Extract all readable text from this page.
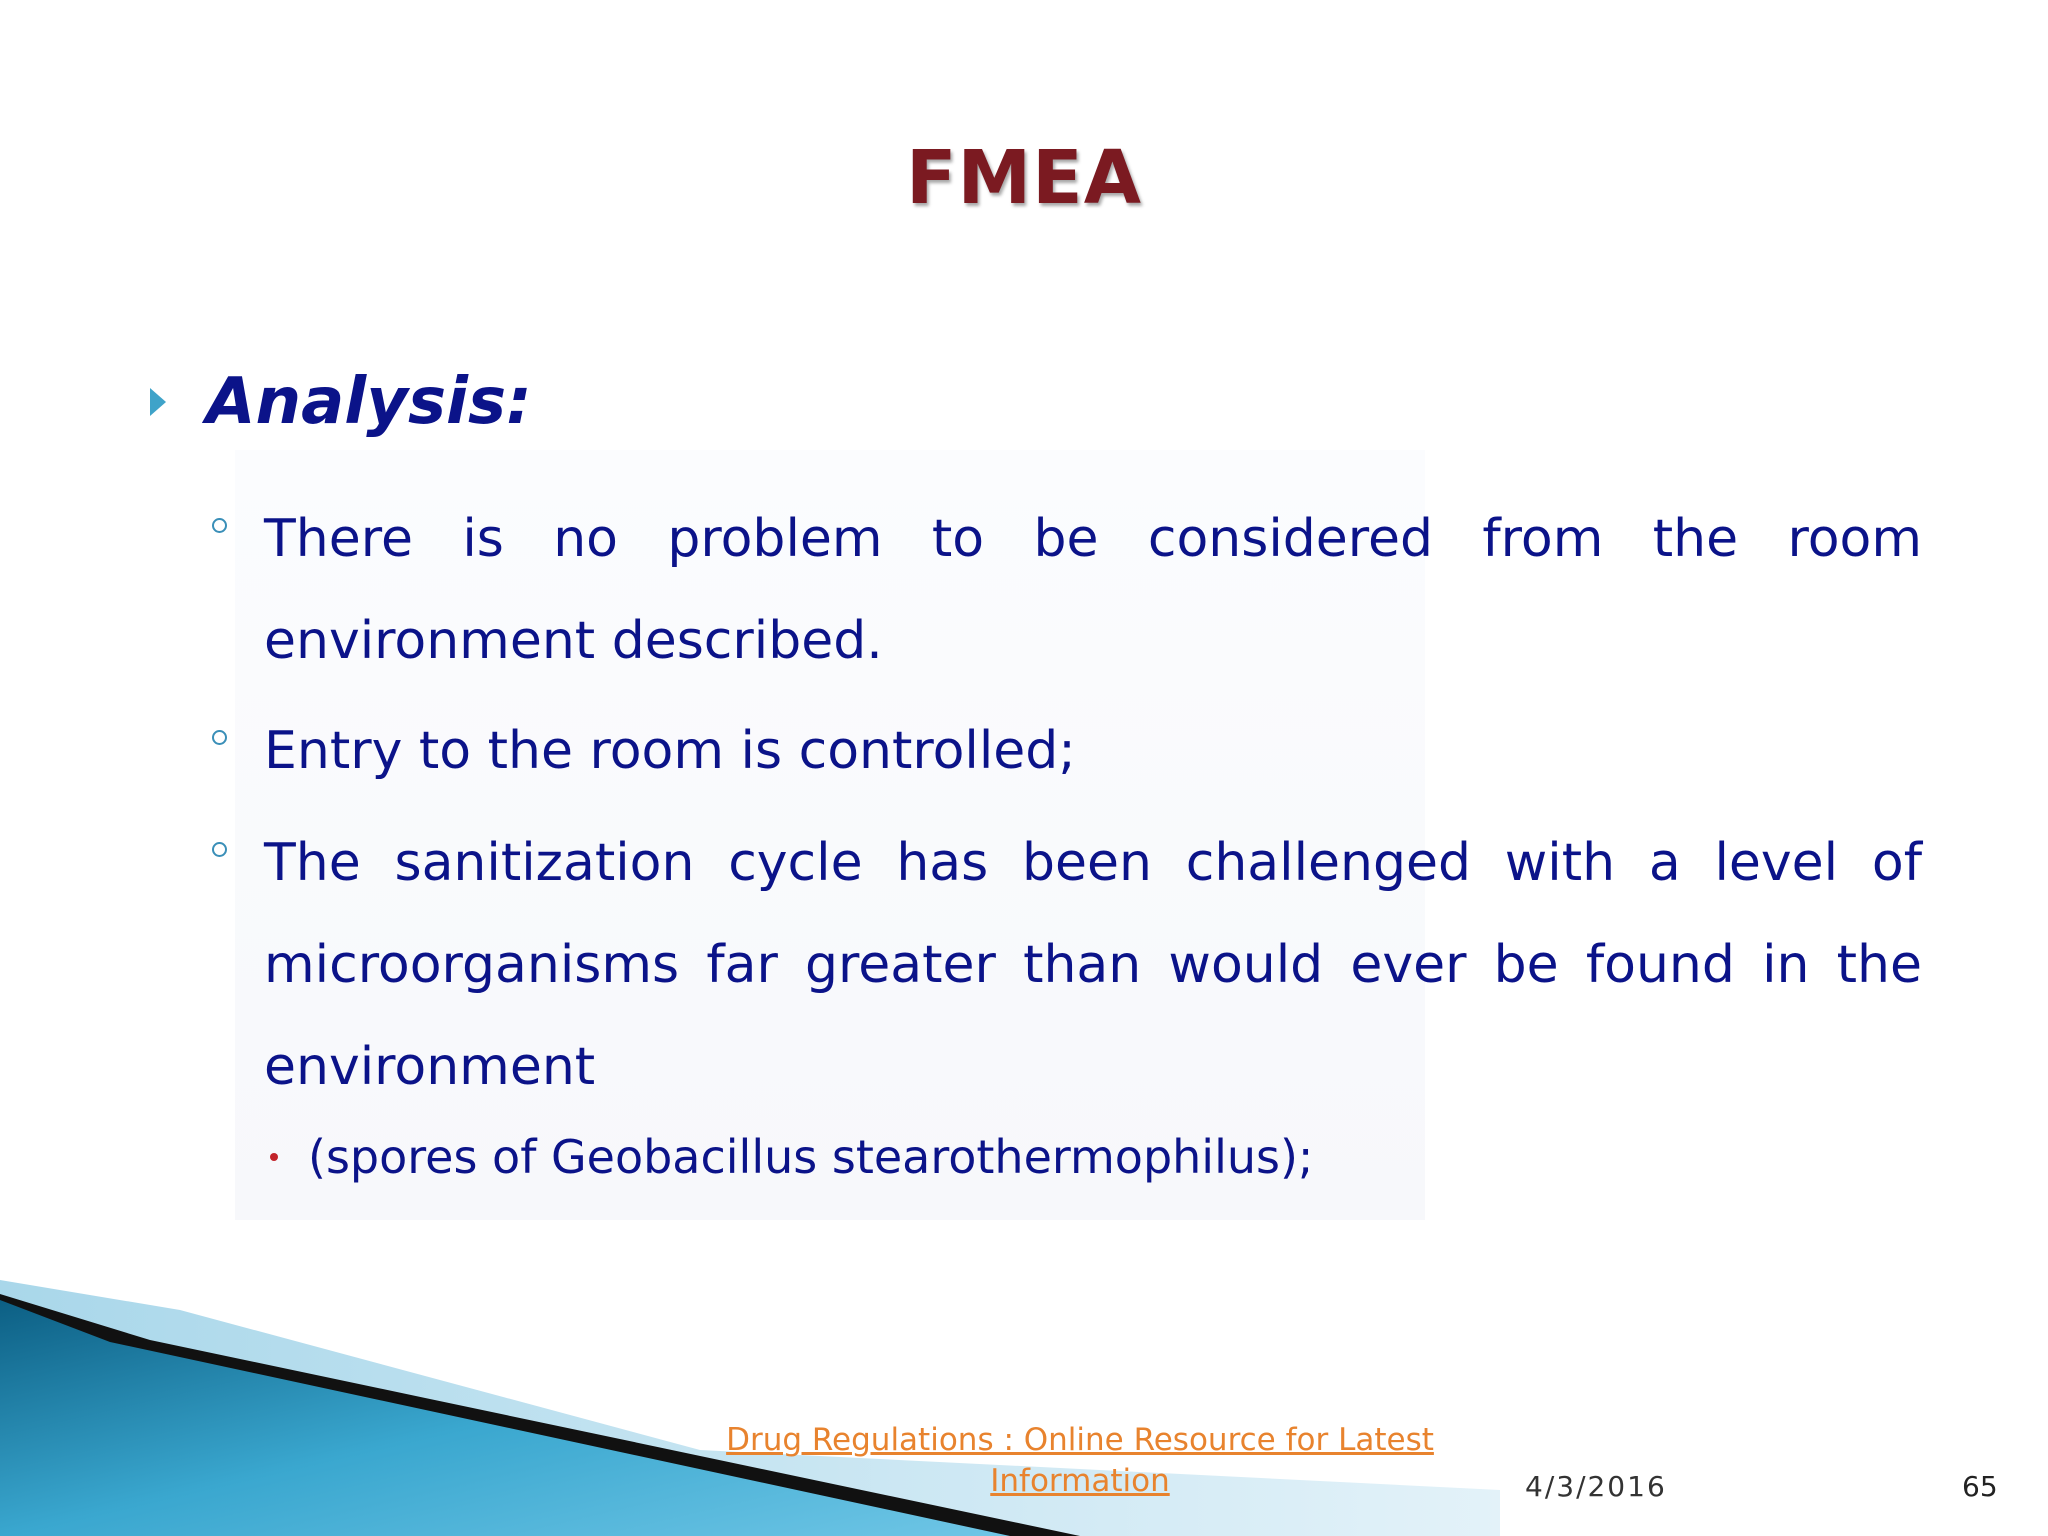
FMEA
Analysis:
There is no problem to be considered from the room environment described.
Entry to the room is controlled;
The sanitization cycle has been challenged with a level of microorganisms far greater than would ever be found in the environment
(spores of Geobacillus stearothermophilus);
Drug Regulations : Online Resource for Latest Information	4/3/2016	65
